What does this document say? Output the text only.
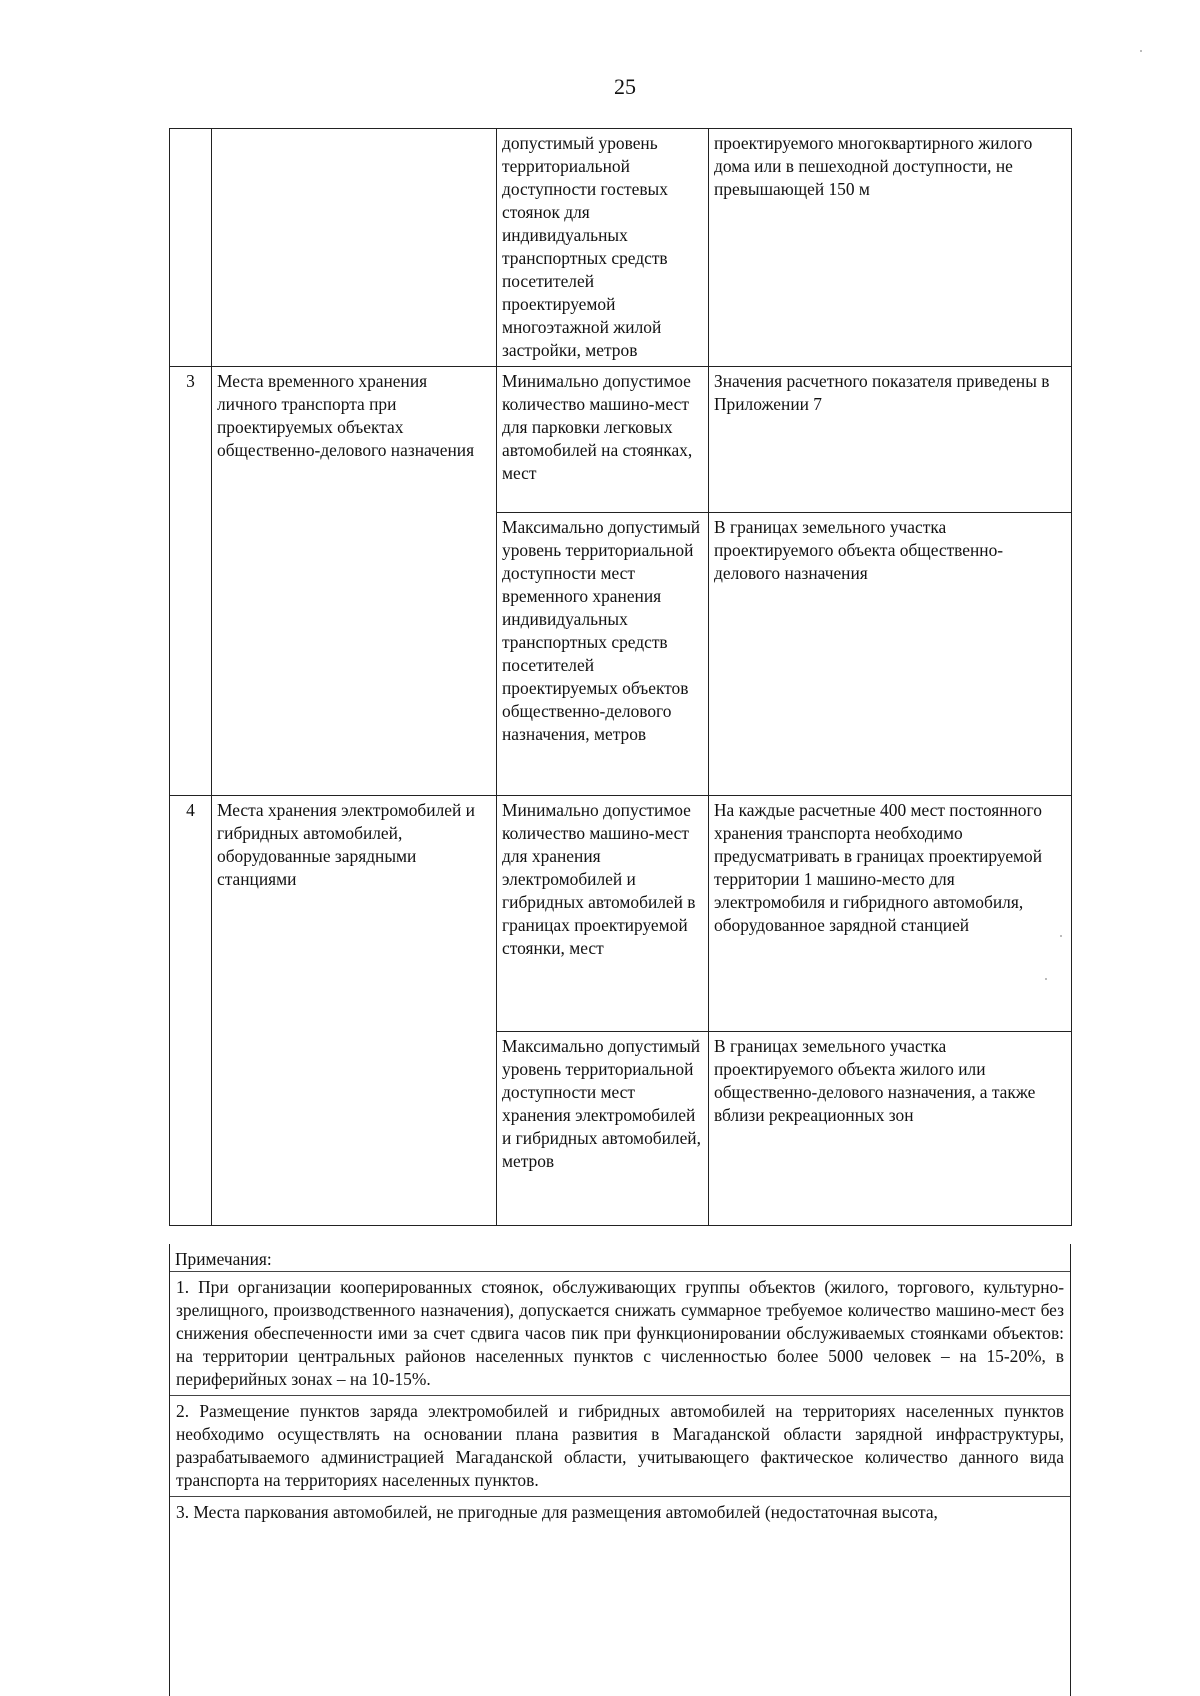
25
		допустимый уровень территориальной доступности гостевых стоянок для индивидуальных транспортных средств посетителей проектируемой многоэтажной жилой застройки, метров	проектируемого многоквартирного жилого дома или в пешеходной доступности, не превышающей 150 м
3	Места временного хранения личного транспорта при проектируемых объектах общественно-делового назначения	Минимально допустимое количество машино-мест для парковки легковых автомобилей на стоянках, мест	Значения расчетного показателя приведены в Приложении 7
		Максимально допустимый уровень территориальной доступности мест временного хранения индивидуальных транспортных средств посетителей проектируемых объектов общественно-делового назначения, метров	В границах земельного участка проектируемого объекта общественно-делового назначения
4	Места хранения электромобилей и гибридных автомобилей, оборудованные зарядными станциями	Минимально допустимое количество машино-мест для хранения электромобилей и гибридных автомобилей в границах проектируемой стоянки, мест	На каждые расчетные 400 мест постоянного хранения транспорта необходимо предусматривать в границах проектируемой территории 1 машино-место для электромобиля и гибридного автомобиля, оборудованное зарядной станцией
		Максимально допустимый уровень территориальной доступности мест хранения электромобилей и гибридных автомобилей, метров	В границах земельного участка проектируемого объекта жилого или общественно-делового назначения, а также вблизи рекреационных зон
Примечания:
1. При организации кооперированных стоянок, обслуживающих группы объектов (жилого, торгового, культурно-зрелищного, производственного назначения), допускается снижать суммарное требуемое количество машино-мест без снижения обеспеченности ими за счет сдвига часов пик при функционировании обслуживаемых стоянками объектов: на территории центральных районов населенных пунктов с численностью более 5000 человек – на 15-20%, в периферийных зонах – на 10-15%.
2. Размещение пунктов заряда электромобилей и гибридных автомобилей на территориях населенных пунктов необходимо осуществлять на основании плана развития в Магаданской области зарядной инфраструктуры, разрабатываемого администрацией Магаданской области, учитывающего фактическое количество данного вида транспорта на территориях населенных пунктов.
3. Места паркования автомобилей, не пригодные для размещения автомобилей (недостаточная высота,
